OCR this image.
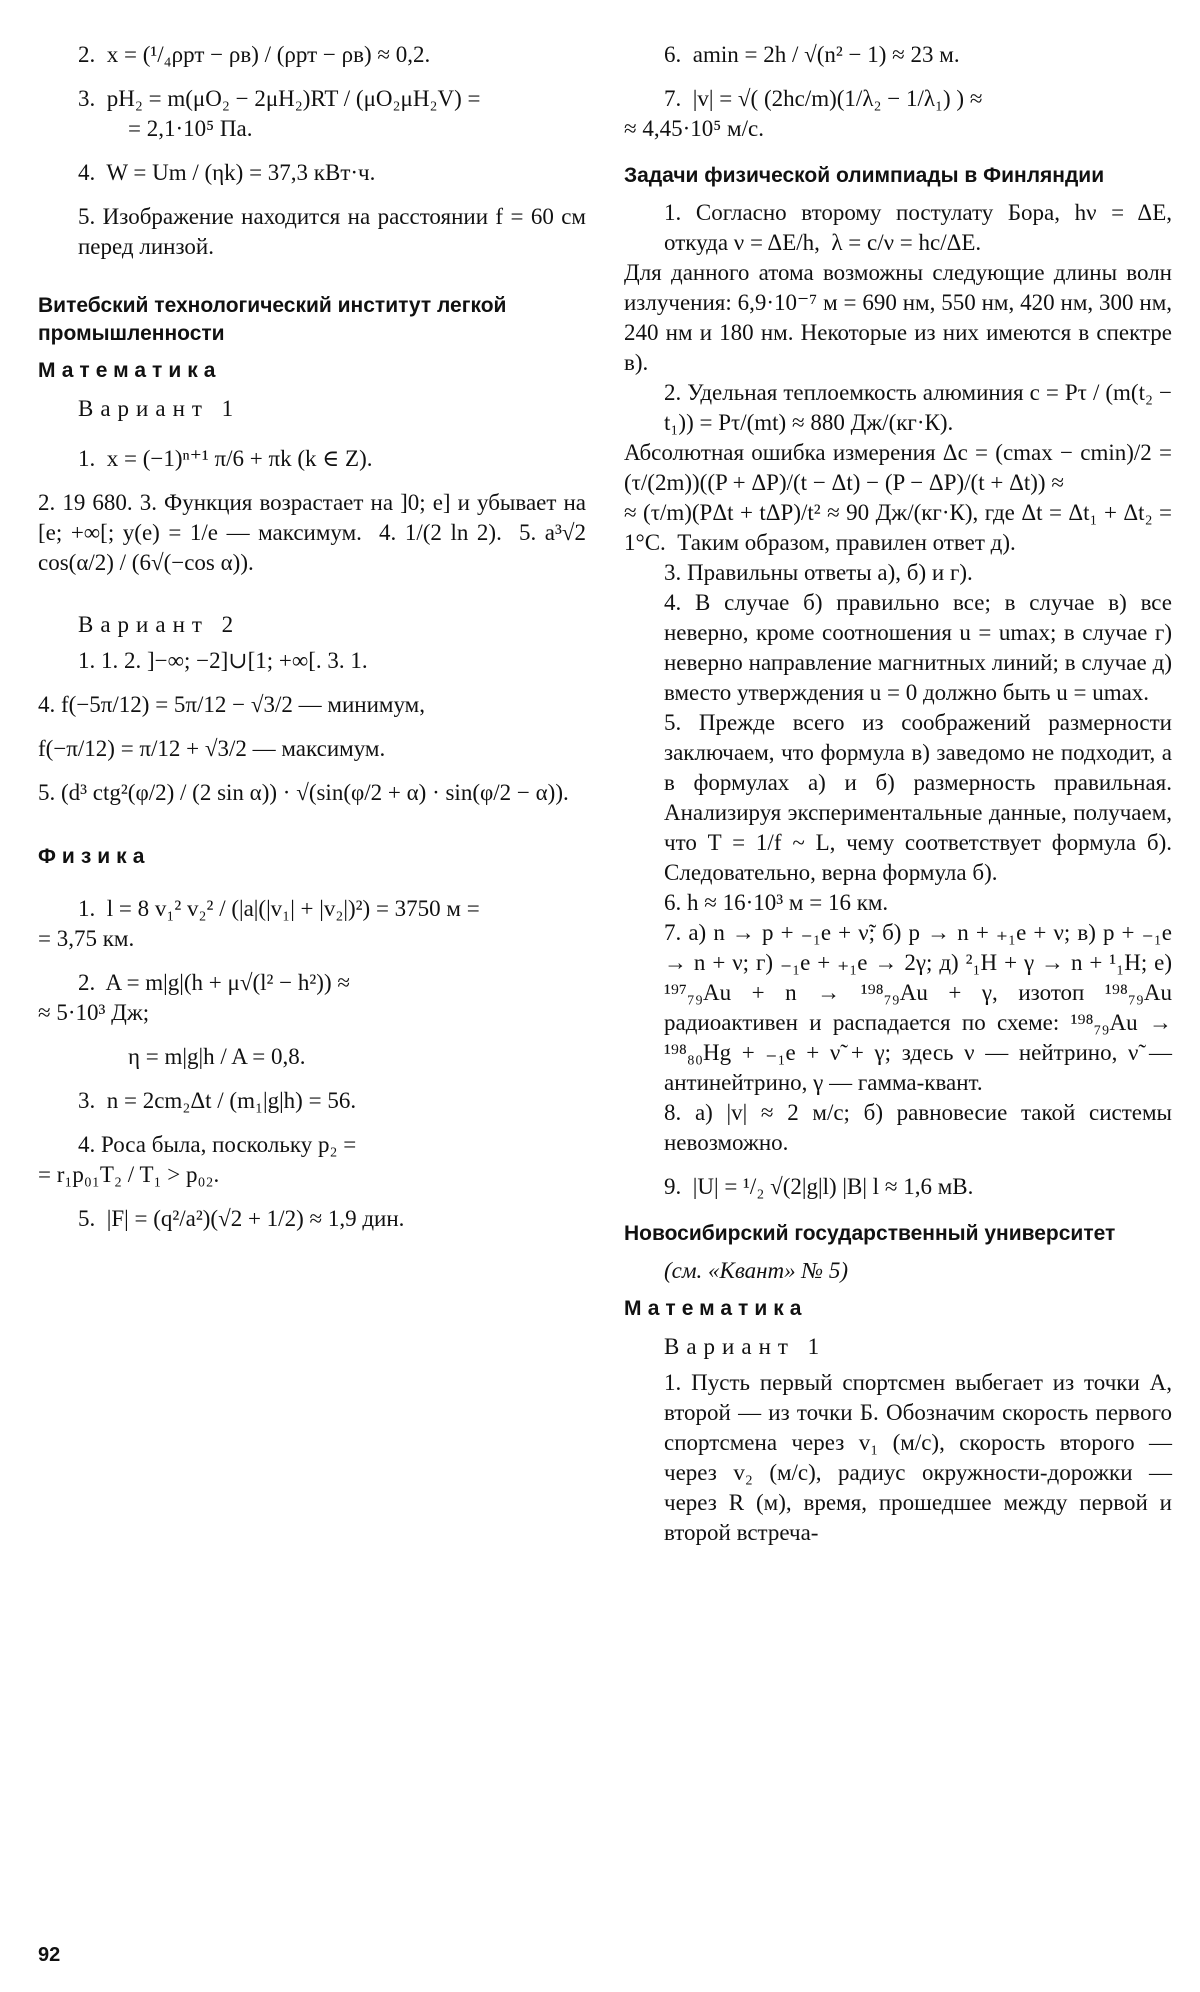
2.  x = (¹/₄ρрт − ρв) / (ρрт − ρв) ≈ 0,2.

3.  pH₂ = m(μO₂ − 2μH₂)RT / (μO₂μH₂V) =

= 2,1·10⁵ Па.

4.  W = Um / (ηk) = 37,3 кВт·ч.

5. Изображение находится на расстоянии f = 60 см перед линзой.

Витебский технологический институт легкой промышленности
Математика
Вариант 1

1.  x = (−1)ⁿ⁺¹ π/6 + πk (k ∈ Z).

2. 19 680. 3. Функция возрастает на ]0; e] и убывает на [e; +∞[; y(e) = 1/e — максимум.  4. 1/(2 ln 2).  5. a³√2 cos(α/2) / (6√(−cos α)).

Вариант 2

1. 1. 2. ]−∞; −2]∪[1; +∞[. 3. 1.

4. f(−5π/12) = 5π/12 − √3/2 — минимум,

f(−π/12) = π/12 + √3/2 — максимум.

5. (d³ ctg²(φ/2) / (2 sin α)) · √(sin(φ/2 + α) · sin(φ/2 − α)).

Физика

1.  l = 8 v₁² v₂² / (|a|(|v₁| + |v₂|)²) = 3750 м =

= 3,75 км.

2.  A = m|g|(h + μ√(l² − h²)) ≈

≈ 5·10³ Дж;

η = m|g|h / A = 0,8.

3.  n = 2cm₂Δt / (m₁|g|h) = 56.

4. Роса была, поскольку p₂ =

= r₁p₀₁T₂ / T₁ > p₀₂.

5.  |F| = (q²/a²)(√2 + 1/2) ≈ 1,9 дин.

6.  amin = 2h / √(n² − 1) ≈ 23 м.

7.  |v| = √( (2hc/m)(1/λ₂ − 1/λ₁) ) ≈

≈ 4,45·10⁵ м/с.

Задачи физической олимпиады в Финляндии

1. Согласно второму постулату Бора, hν = ΔE, откуда ν = ΔE/h,  λ = c/ν = hc/ΔE.

Для данного атома возможны следующие длины волн излучения: 6,9·10⁻⁷ м = 690 нм, 550 нм, 420 нм, 300 нм, 240 нм и 180 нм. Некоторые из них имеются в спектре в).

2. Удельная теплоемкость алюминия c = Pτ / (m(t₂ − t₁)) = Pτ/(mt) ≈ 880 Дж/(кг·К).

Абсолютная ошибка измерения Δc = (cmax − cmin)/2 = (τ/(2m))((P + ΔP)/(t − Δt) − (P − ΔP)/(t + Δt)) ≈

≈ (τ/m)(PΔt + tΔP)/t² ≈ 90 Дж/(кг·К), где Δt = Δt₁ + Δt₂ = 1°C.  Таким образом, правилен ответ д).

3. Правильны ответы а), б) и г).

4. В случае б) правильно все; в случае в) все неверно, кроме соотношения u = umax; в случае г) неверно направление магнитных линий; в случае д) вместо утверждения u = 0 должно быть u = umax.

5. Прежде всего из соображений размерности заключаем, что формула в) заведомо не подходит, а в формулах а) и б) размерность правильная. Анализируя экспериментальные данные, получаем, что T = 1/f ~ L, чему соответствует формула б). Следовательно, верна формула б).

6. h ≈ 16·10³ м = 16 км.

7. а) n → p + ₋₁e + ν̃; б) p → n + ₊₁e + ν; в) p + ₋₁e → n + ν; г) ₋₁e + ₊₁e → 2γ; д) ²₁H + γ → n + ¹₁H; е) ¹⁹⁷₇₉Au + n → ¹⁹⁸₇₉Au + γ, изотоп ¹⁹⁸₇₉Au радиоактивен и распадается по схеме: ¹⁹⁸₇₉Au → ¹⁹⁸₈₀Hg + ₋₁e + ν̃ + γ; здесь ν — нейтрино, ν̃ — антинейтрино, γ — гамма-квант.

8. а) |v| ≈ 2 м/с; б) равновесие такой системы невозможно.

9.  |U| = ¹/₂ √(2|g|l) |B| l ≈ 1,6 мВ.

Новосибирский государственный университет
(см. «Квант» № 5)
Математика
Вариант 1

1. Пусть первый спортсмен выбегает из точки A, второй — из точки Б. Обозначим скорость первого спортсмена через v₁ (м/с), скорость второго — через v₂ (м/с), радиус окружности-дорожки — через R (м), время, прошедшее между первой и второй встреча-

92
